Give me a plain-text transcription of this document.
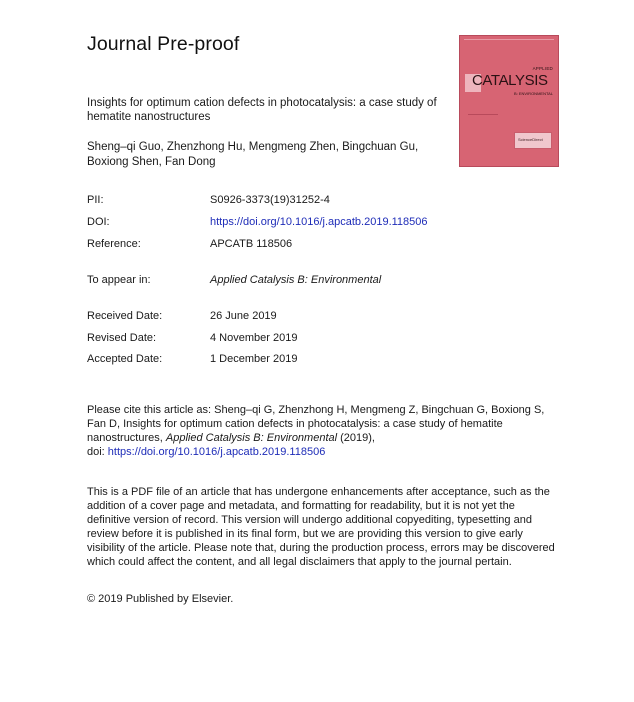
Journal Pre-proof
APPLIED
CATALYSIS
B: ENVIRONMENTAL
ScienceDirect
Insights for optimum cation defects in photocatalysis: a case study of hematite nanostructures
Sheng–qi Guo, Zhenzhong Hu, Mengmeng Zhen, Bingchuan Gu, Boxiong Shen, Fan Dong
PII:	S0926-3373(19)31252-4
DOI:	https://doi.org/10.1016/j.apcatb.2019.118506
Reference:	APCATB 118506
To appear in:	Applied Catalysis B: Environmental
Received Date:	26 June 2019
Revised Date:	4 November 2019
Accepted Date:	1 December 2019
Please cite this article as: Sheng–qi G, Zhenzhong H, Mengmeng Z, Bingchuan G, Boxiong S, Fan D, Insights for optimum cation defects in photocatalysis: a case study of hematite nanostructures, Applied Catalysis B: Environmental (2019),
doi: https://doi.org/10.1016/j.apcatb.2019.118506
This is a PDF file of an article that has undergone enhancements after acceptance, such as the addition of a cover page and metadata, and formatting for readability, but it is not yet the definitive version of record. This version will undergo additional copyediting, typesetting and review before it is published in its final form, but we are providing this version to give early visibility of the article. Please note that, during the production process, errors may be discovered which could affect the content, and all legal disclaimers that apply to the journal pertain.
© 2019 Published by Elsevier.
